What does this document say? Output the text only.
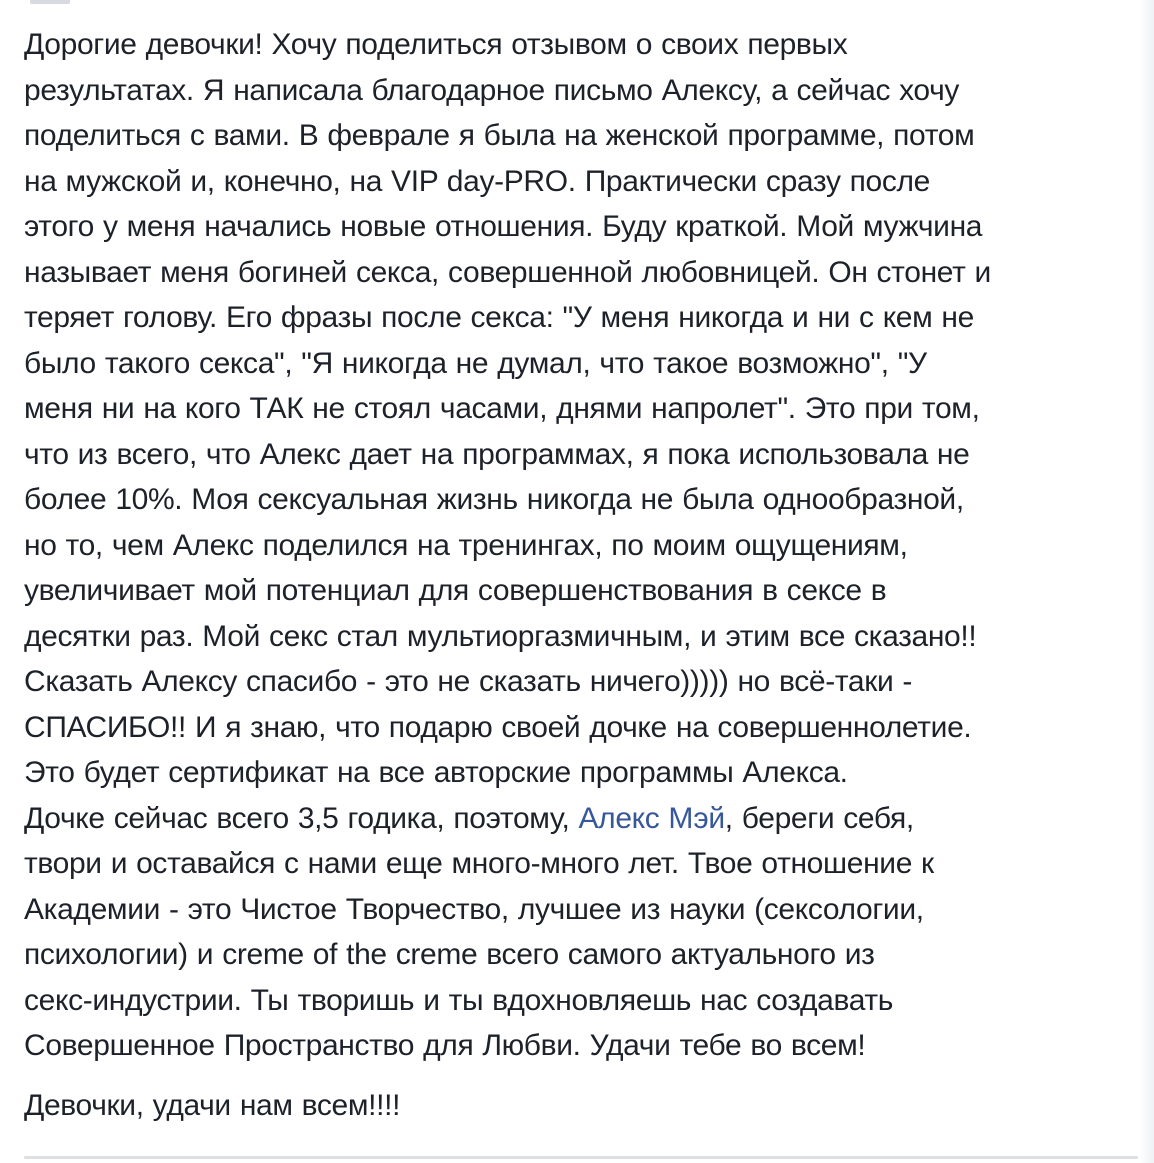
Дорогие девочки! Хочу поделиться отзывом о своих первых
результатах. Я написала благодарное письмо Алексу, а сейчас хочу
поделиться с вами. В феврале я была на женской программе, потом
на мужской и, конечно, на VIP day-PRO. Практически сразу после
этого у меня начались новые отношения. Буду краткой. Мой мужчина
называет меня богиней секса, совершенной любовницей. Он стонет и
теряет голову. Его фразы после секса: "У меня никогда и ни с кем не
было такого секса", "Я никогда не думал, что такое возможно", "У
меня ни на кого ТАК не стоял часами, днями напролет". Это при том,
что из всего, что Алекс дает на программах, я пока использовала не
более 10%. Моя сексуальная жизнь никогда не была однообразной,
но то, чем Алекс поделился на тренингах, по моим ощущениям,
увеличивает мой потенциал для совершенствования в сексе в
десятки раз. Мой секс стал мультиоргазмичным, и этим все сказано!!
Сказать Алексу спасибо - это не сказать ничего))))) но всё-таки -
СПАСИБО!! И я знаю, что подарю своей дочке на совершеннолетие.
Это будет сертификат на все авторские программы Алекса.
Дочке сейчас всего 3,5 годика, поэтому, Алекс Мэй, береги себя,
твори и оставайся с нами еще много-много лет. Твое отношение к
Академии - это Чистое Творчество, лучшее из науки (сексологии,
психологии) и creme of the creme всего самого актуального из
секс-индустрии. Ты творишь и ты вдохновляешь нас создавать
Совершенное Пространство для Любви. Удачи тебе во всем!
Девочки, удачи нам всем!!!!
